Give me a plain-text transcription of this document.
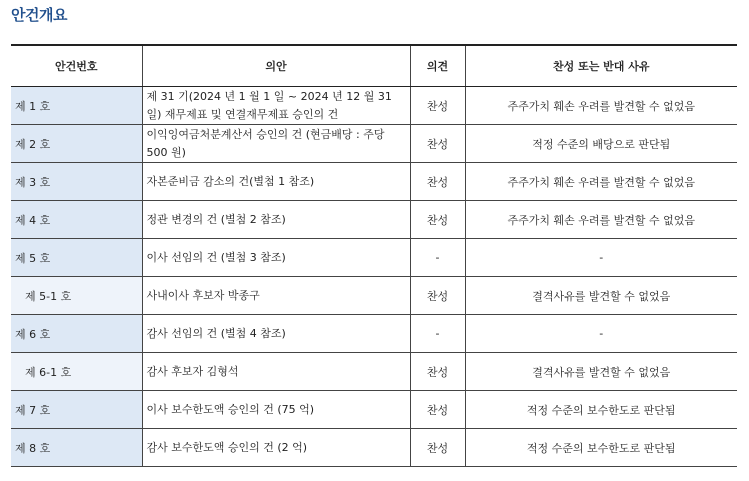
안건개요
안건번호	의안	의견	찬성 또는 반대 사유
제 1 호	제 31 기(2024 년 1 월 1 일 ~ 2024 년 12 월 31 일) 재무제표 및 연결재무제표 승인의 건	찬성	주주가치 훼손 우려를 발견할 수 없었음
제 2 호	이익잉여금처분계산서 승인의 건 (현금배당 : 주당 500 원)	찬성	적정 수준의 배당으로 판단됨
제 3 호	자본준비금 감소의 건(별첨 1 참조)	찬성	주주가치 훼손 우려를 발견할 수 없었음
제 4 호	정관 변경의 건 (별첨 2 참조)	찬성	주주가치 훼손 우려를 발견할 수 없었음
제 5 호	이사 선임의 건 (별첨 3 참조)	-	-
제 5-1 호	사내이사 후보자 박종구	찬성	결격사유를 발견할 수 없었음
제 6 호	감사 선임의 건 (별첨 4 참조)	-	-
제 6-1 호	감사 후보자 김형석	찬성	결격사유를 발견할 수 없었음
제 7 호	이사 보수한도액 승인의 건 (75 억)	찬성	적정 수준의 보수한도로 판단됨
제 8 호	감사 보수한도액 승인의 건 (2 억)	찬성	적정 수준의 보수한도로 판단됨
